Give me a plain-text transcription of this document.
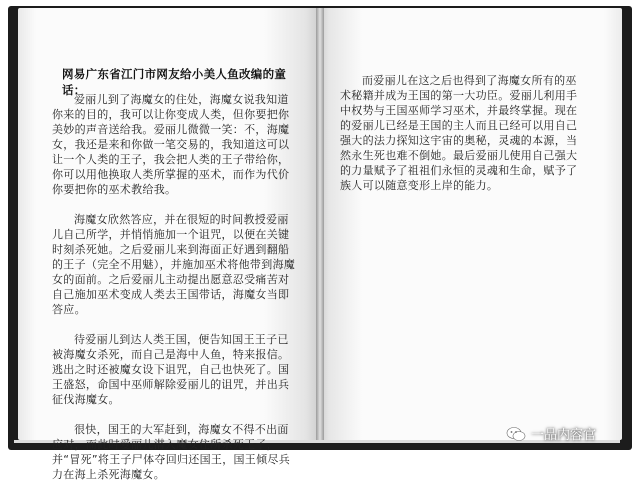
网易广东省江门市网友给小美人鱼改编的童话：

爱丽儿到了海魔女的住处，海魔女说我知道你来的目的，我可以让你变成人类，但你要把你美妙的声音送给我。爱丽儿微微一笑：不，海魔女，我还是来和你做一笔交易的，我知道这可以让一个人类的王子，我会把人类的王子带给你，你可以用他换取人类所掌握的巫术，而作为代价你要把你的巫术教给我。

海魔女欣然答应，并在很短的时间教授爱丽儿自己所学，并悄悄施加一个诅咒，以便在关键时刻杀死她。之后爱丽儿来到海面正好遇到翻船的王子（完全不用魅），并施加巫术将他带到海魔女的面前。之后爱丽儿主动提出愿意忍受痛苦对自己施加巫术变成人类去王国带话，海魔女当即答应。

待爱丽儿到达人类王国，便告知国王王子已被海魔女杀死，而自己是海中人鱼，特来报信。逃出之时还被魔女设下诅咒，自己也快死了。国王盛怒，命国中巫师解除爱丽儿的诅咒，并出兵征伐海魔女。

很快，国王的大军赶到，海魔女不得不出面应对，而此时爱丽儿潜入魔女住所杀死王子，并“冒死”将王子尸体夺回归还国王，国王倾尽兵力在海上杀死海魔女。

而爱丽儿在这之后也得到了海魔女所有的巫术秘籍并成为王国的第一大功臣。爱丽儿利用手中权势与王国巫师学习巫术，并最终掌握。现在的爱丽儿已经是王国的主人而且已经可以用自己强大的法力探知这宇宙的奥秘，灵魂的本源，当然永生死也难不倒她。最后爱丽儿使用自己强大的力量赋予了祖祖们永恒的灵魂和生命，赋予了族人可以随意变形上岸的能力。

一品内容官
